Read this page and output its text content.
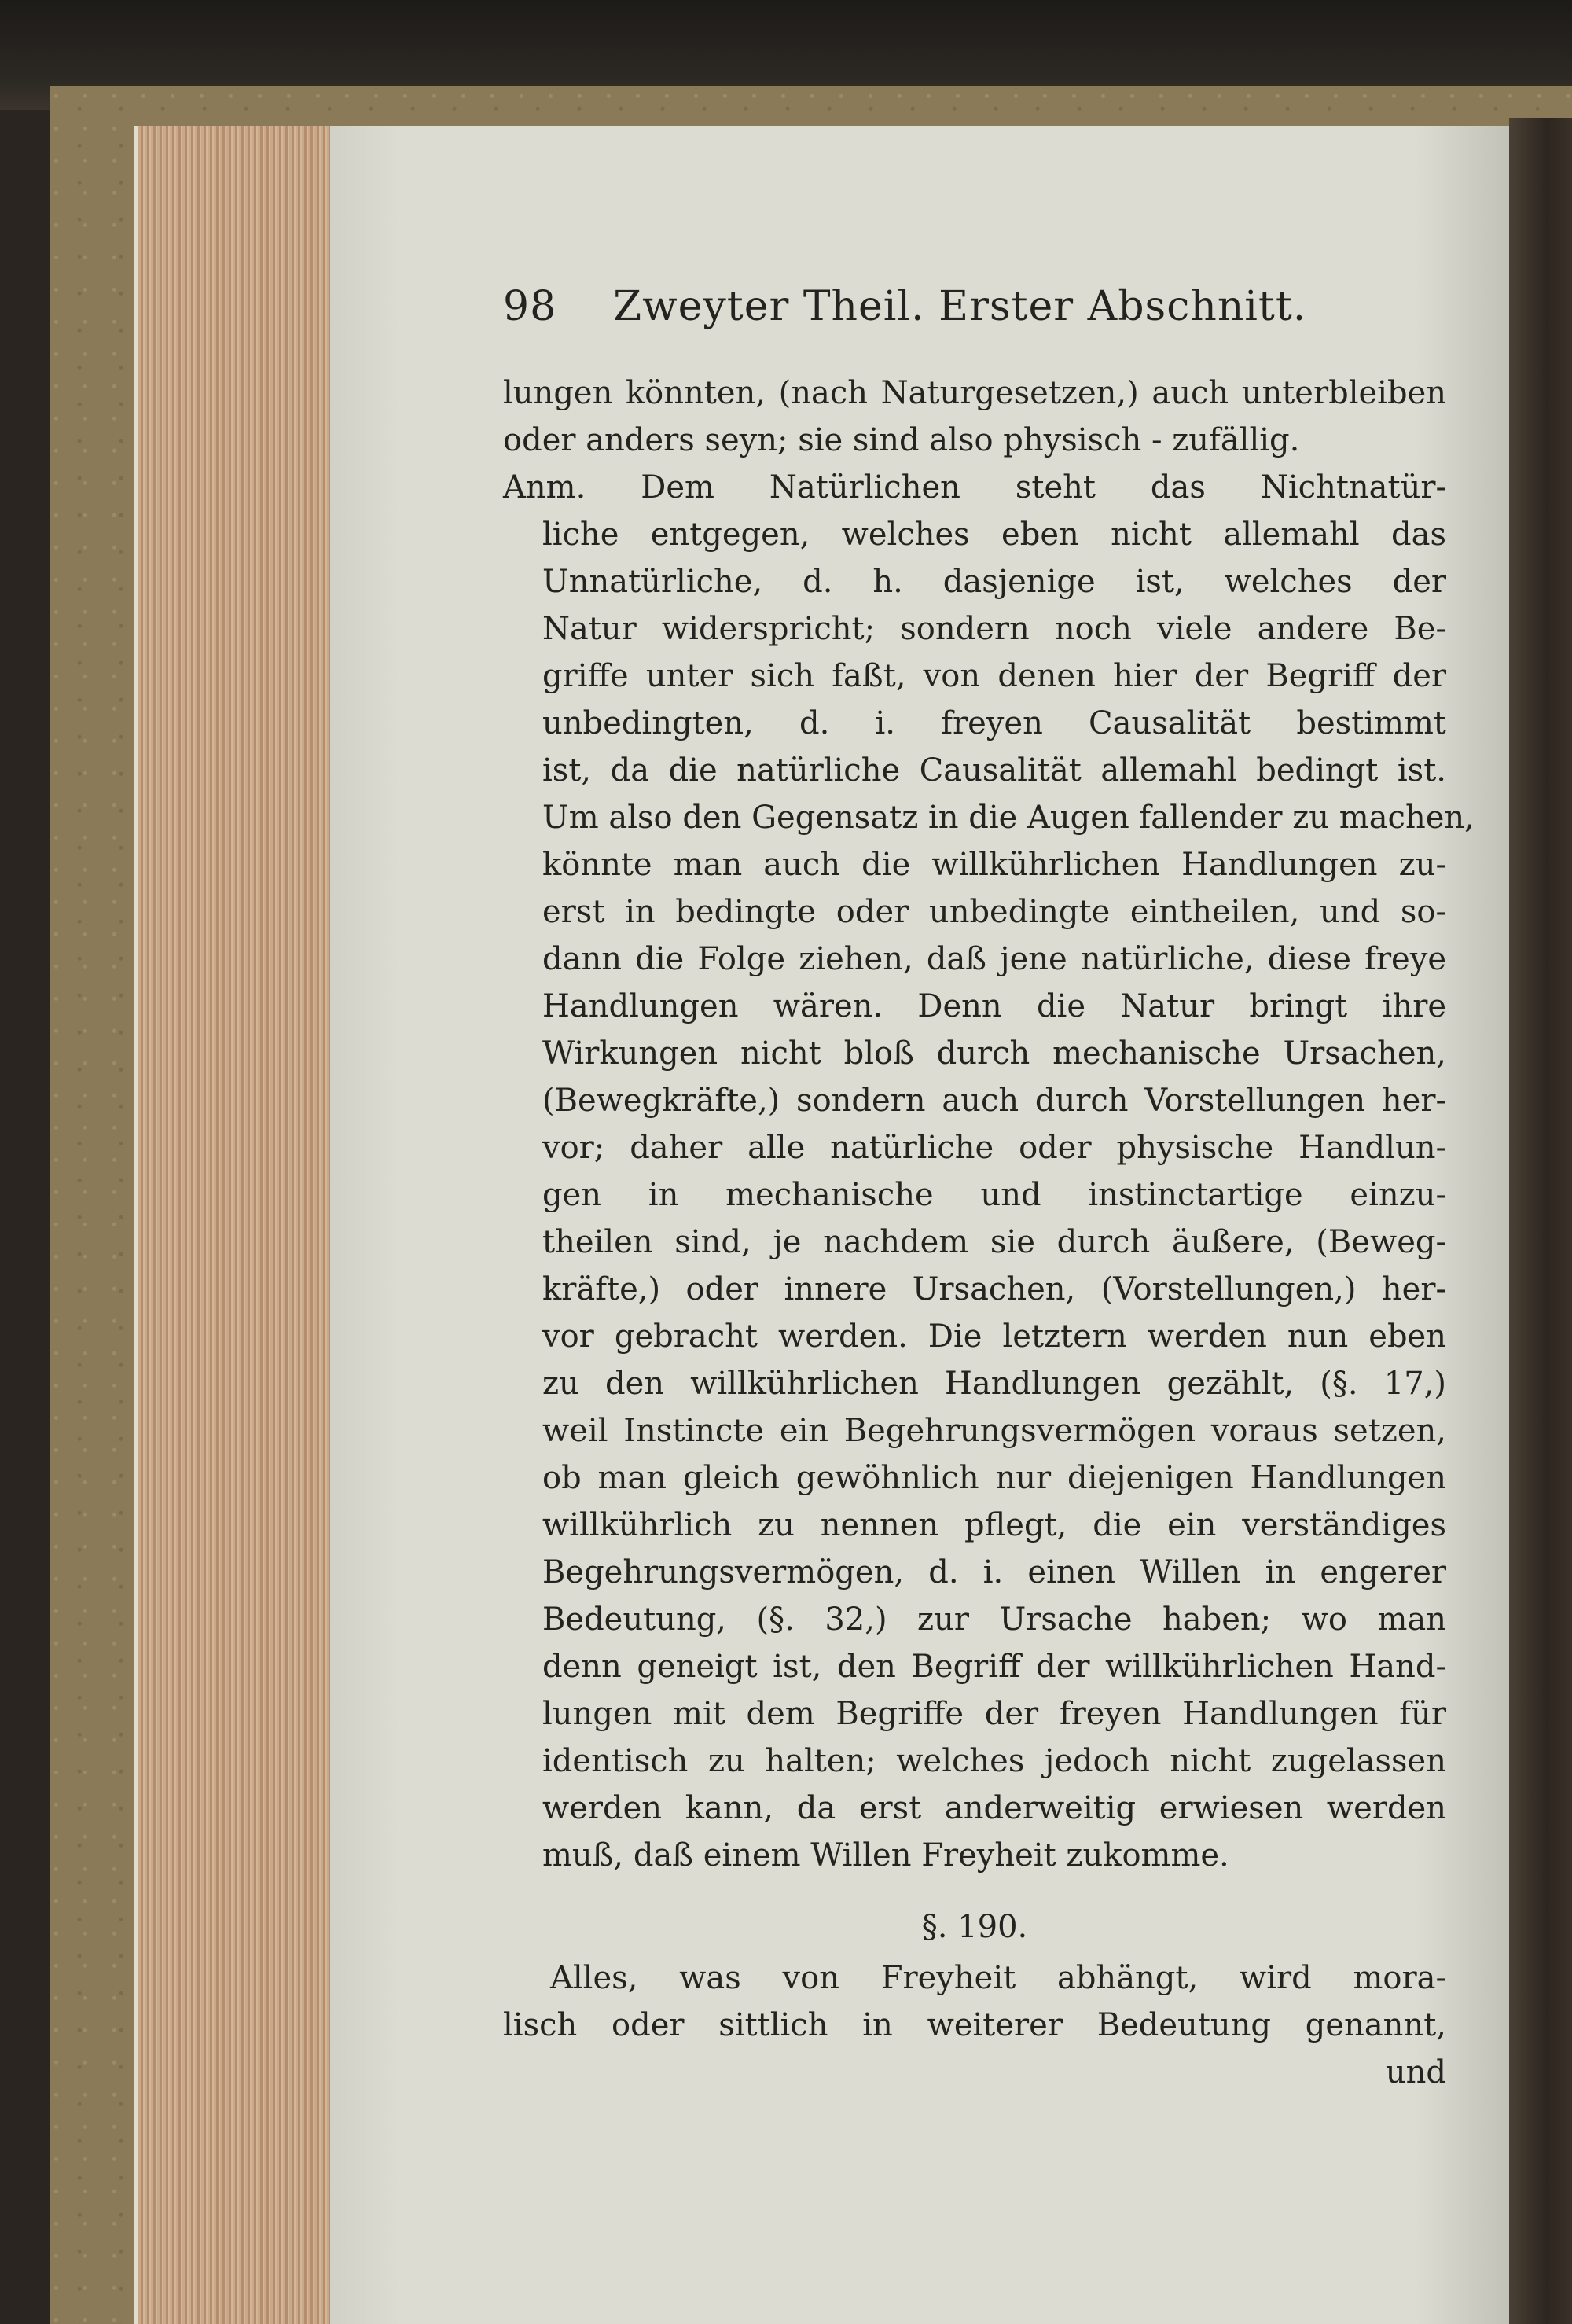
98	Zweyter Theil. Erster Abschnitt.
lungen könnten, (nach Naturgesetzen,) auch unterbleiben
oder anders seyn; sie sind also physisch - zufällig.
Anm. Dem Natürlichen steht das Nichtnatür-
liche entgegen, welches eben nicht allemahl das
Unnatürliche, d. h. dasjenige ist, welches der
Natur widerspricht; sondern noch viele andere Be-
griffe unter sich faßt, von denen hier der Begriff der
unbedingten, d. i. freyen Causalität bestimmt
ist, da die natürliche Causalität allemahl bedingt ist.
Um also den Gegensatz in die Augen fallender zu machen,
könnte man auch die willkührlichen Handlungen zu-
erst in bedingte oder unbedingte eintheilen, und so-
dann die Folge ziehen, daß jene natürliche, diese freye
Handlungen wären. Denn die Natur bringt ihre
Wirkungen nicht bloß durch mechanische Ursachen,
(Bewegkräfte,) sondern auch durch Vorstellungen her-
vor; daher alle natürliche oder physische Handlun-
gen in mechanische und instinctartige einzu-
theilen sind, je nachdem sie durch äußere, (Beweg-
kräfte,) oder innere Ursachen, (Vorstellungen,) her-
vor gebracht werden. Die letztern werden nun eben
zu den willkührlichen Handlungen gezählt, (§. 17,)
weil Instincte ein Begehrungsvermögen voraus setzen,
ob man gleich gewöhnlich nur diejenigen Handlungen
willkührlich zu nennen pflegt, die ein verständiges
Begehrungsvermögen, d. i. einen Willen in engerer
Bedeutung, (§. 32,) zur Ursache haben; wo man
denn geneigt ist, den Begriff der willkührlichen Hand-
lungen mit dem Begriffe der freyen Handlungen für
identisch zu halten; welches jedoch nicht zugelassen
werden kann, da erst anderweitig erwiesen werden
muß, daß einem Willen Freyheit zukomme.
§. 190.
Alles, was von Freyheit abhängt, wird mora-
lisch oder sittlich in weiterer Bedeutung genannt,
und
